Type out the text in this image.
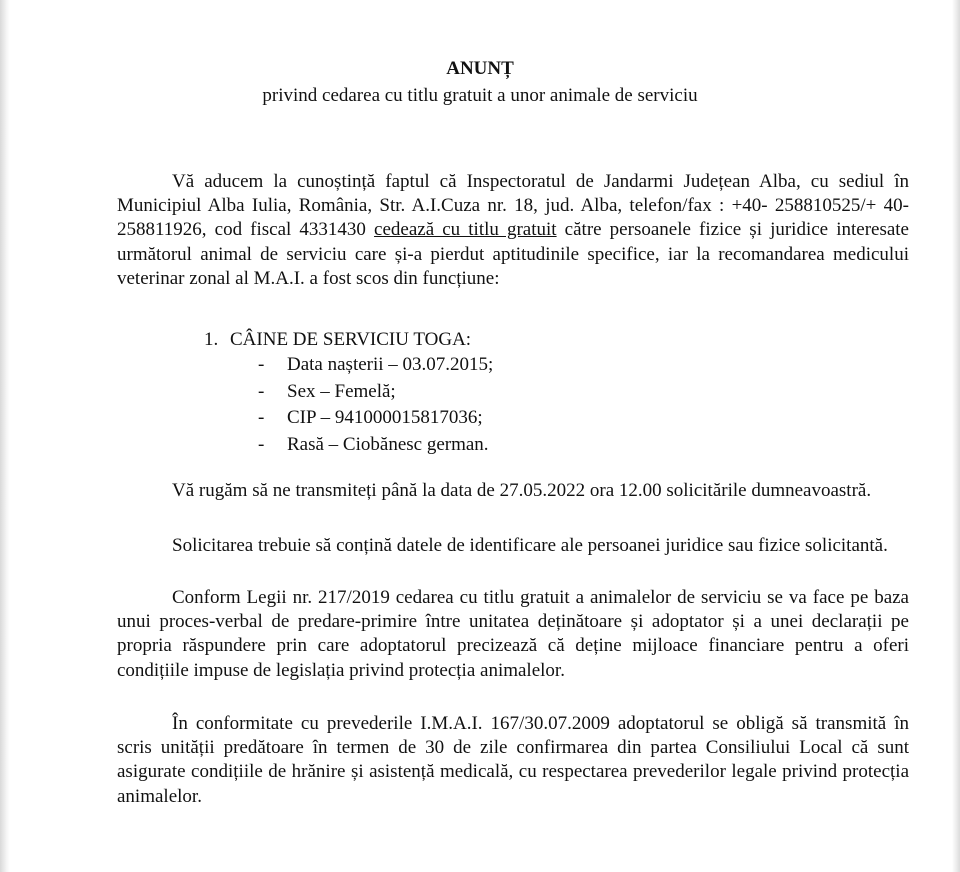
ANUNȚ

privind cedarea cu titlu gratuit a unor animale de serviciu

Vă aducem la cunoștință faptul că Inspectoratul de Jandarmi Județean Alba, cu sediul în Municipiul Alba Iulia, România, Str. A.I.Cuza nr. 18, jud. Alba, telefon/fax : +40- 258810525/+ 40- 258811926, cod fiscal 4331430 cedează cu titlu gratuit către persoanele fizice și juridice interesate următorul animal de serviciu care și-a pierdut aptitudinile specifice, iar la recomandarea medicului veterinar zonal al M.A.I. a fost scos din funcțiune:

1. CÂINE DE SERVICIU TOGA:

- Data nașterii – 03.07.2015;
- Sex – Femelă;
- CIP – 941000015817036;
- Rasă – Ciobănesc german.

Vă rugăm să ne transmiteți până la data de 27.05.2022 ora 12.00 solicitările dumneavoastră.

Solicitarea trebuie să conțină datele de identificare ale persoanei juridice sau fizice solicitantă.

Conform Legii nr. 217/2019 cedarea cu titlu gratuit a animalelor de serviciu se va face pe baza unui proces-verbal de predare-primire între unitatea deținătoare și adoptator și a unei declarații pe propria răspundere prin care adoptatorul precizează că deține mijloace financiare pentru a oferi condițiile impuse de legislația privind protecția animalelor.

În conformitate cu prevederile I.M.A.I. 167/30.07.2009 adoptatorul se obligă să transmită în scris unității predătoare în termen de 30 de zile confirmarea din partea Consiliului Local că sunt asigurate condițiile de hrănire și asistență medicală, cu respectarea prevederilor legale privind protecția animalelor.
